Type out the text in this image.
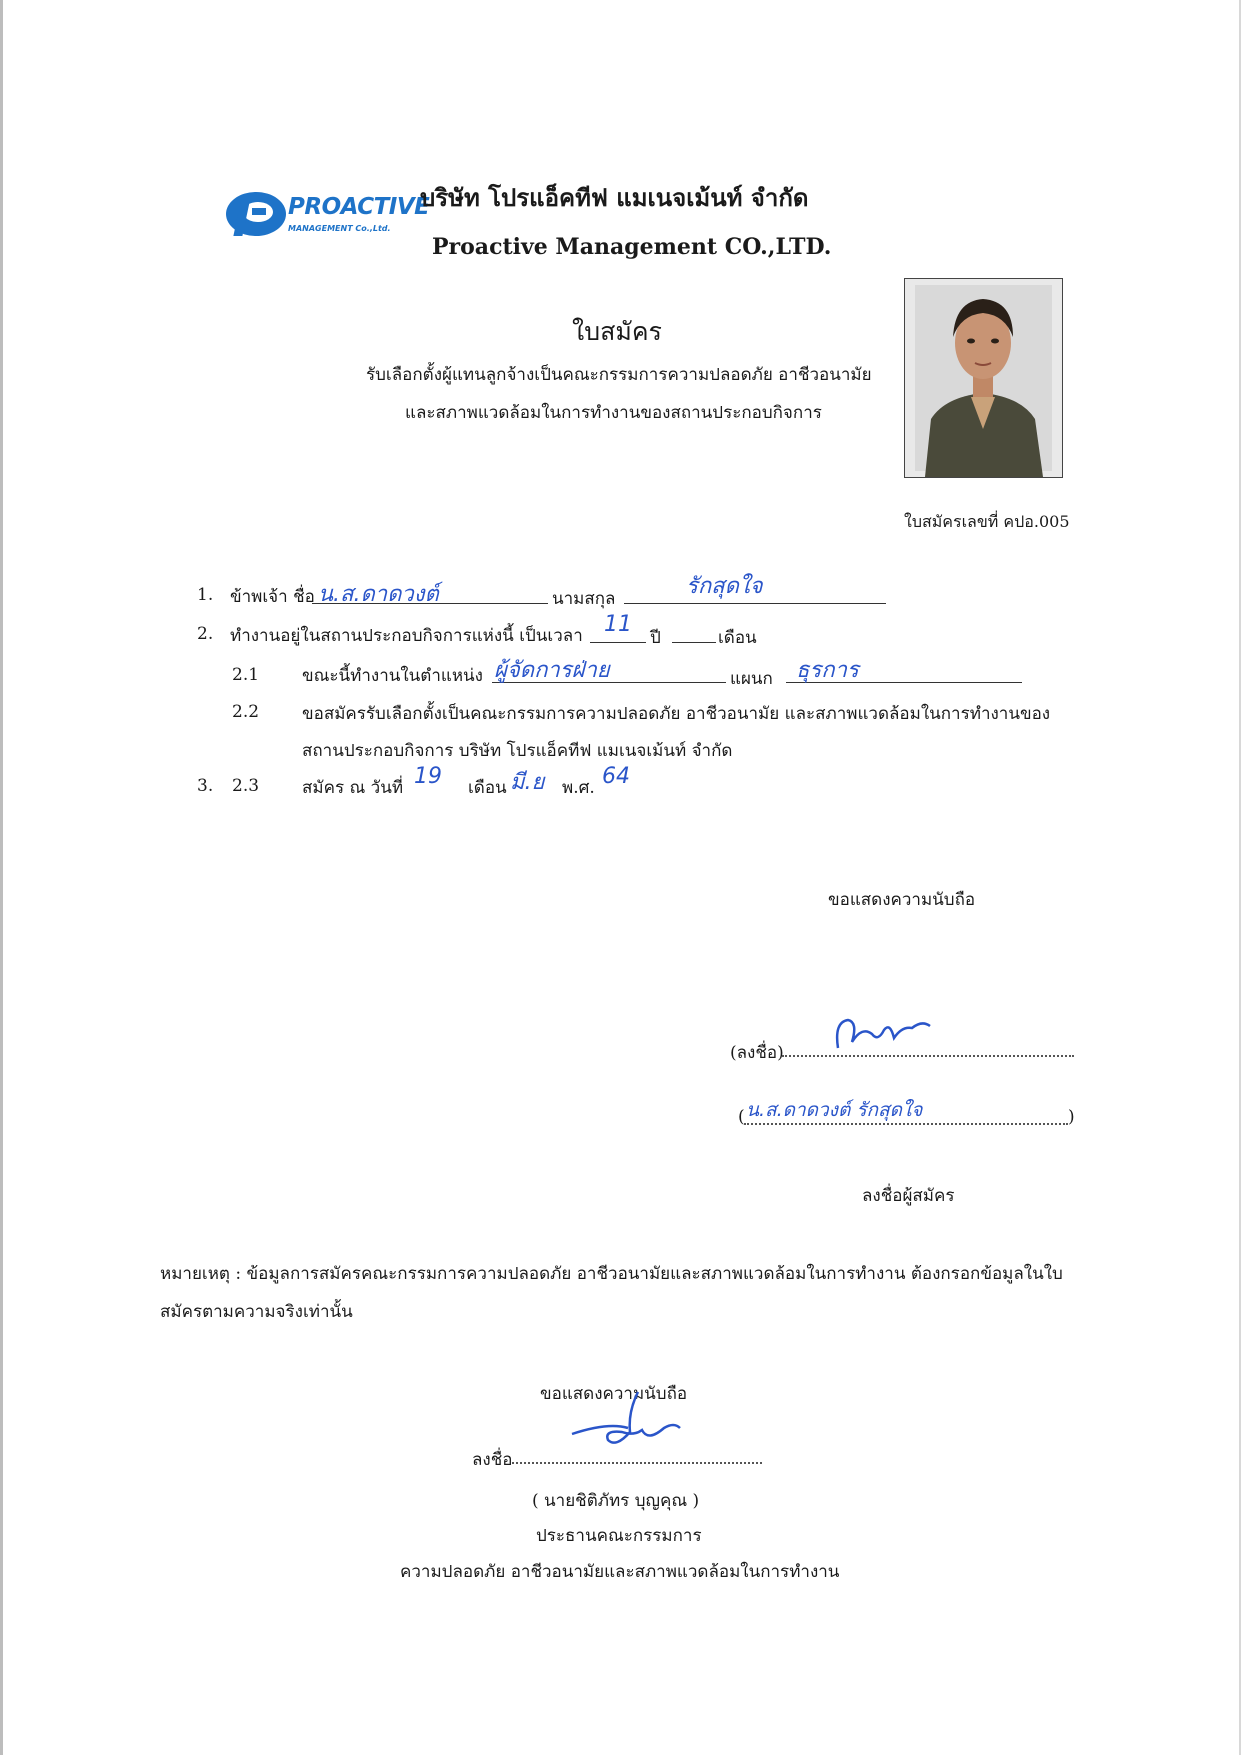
PROACTIVE
MANAGEMENT Co.,Ltd.
บริษัท โปรแอ็คทีฟ แมเนจเม้นท์ จำกัด
Proactive Management CO.,LTD.
ใบสมัคร
รับเลือกตั้งผู้แทนลูกจ้างเป็นคณะกรรมการความปลอดภัย อาชีวอนามัย
และสภาพแวดล้อมในการทำงานของสถานประกอบกิจการ
ใบสมัครเลขที่ คปอ.005
1. ข้าพเจ้า ชื่อ น.ส.ดาดวงต์	นามสกุล	รักสุดใจ
2. ทำงานอยู่ในสถานประกอบกิจการแห่งนี้ เป็นเวลา 11
ปี	เดือน
2.1	ขณะนี้ทำงานในตำแหน่ง ผู้จัดการฝ่าย	แผนก ธุรการ
2.2	ขอสมัครรับเลือกตั้งเป็นคณะกรรมการความปลอดภัย อาชีวอนามัย และสภาพแวดล้อมในการทำงานของ
สถานประกอบกิจการ บริษัท โปรแอ็คทีฟ แมเนจเม้นท์ จำกัด
3. 2.3	สมัคร ณ วันที่ 19 เดือน มี.ย พ.ศ. 64
ขอแสดงความนับถือ
(ลงชื่อ)
( น.ส.ดาดวงต์ รักสุดใจ	)
ลงชื่อผู้สมัคร
หมายเหตุ : ข้อมูลการสมัครคณะกรรมการความปลอดภัย อาชีวอนามัยและสภาพแวดล้อมในการทำงาน ต้องกรอกข้อมูลในใบ
สมัครตามความจริงเท่านั้น
ขอแสดงความนับถือ
ลงชื่อ
( นายชิติภัทร บุญคุณ )
ประธานคณะกรรมการ
ความปลอดภัย อาชีวอนามัยและสภาพแวดล้อมในการทำงาน
